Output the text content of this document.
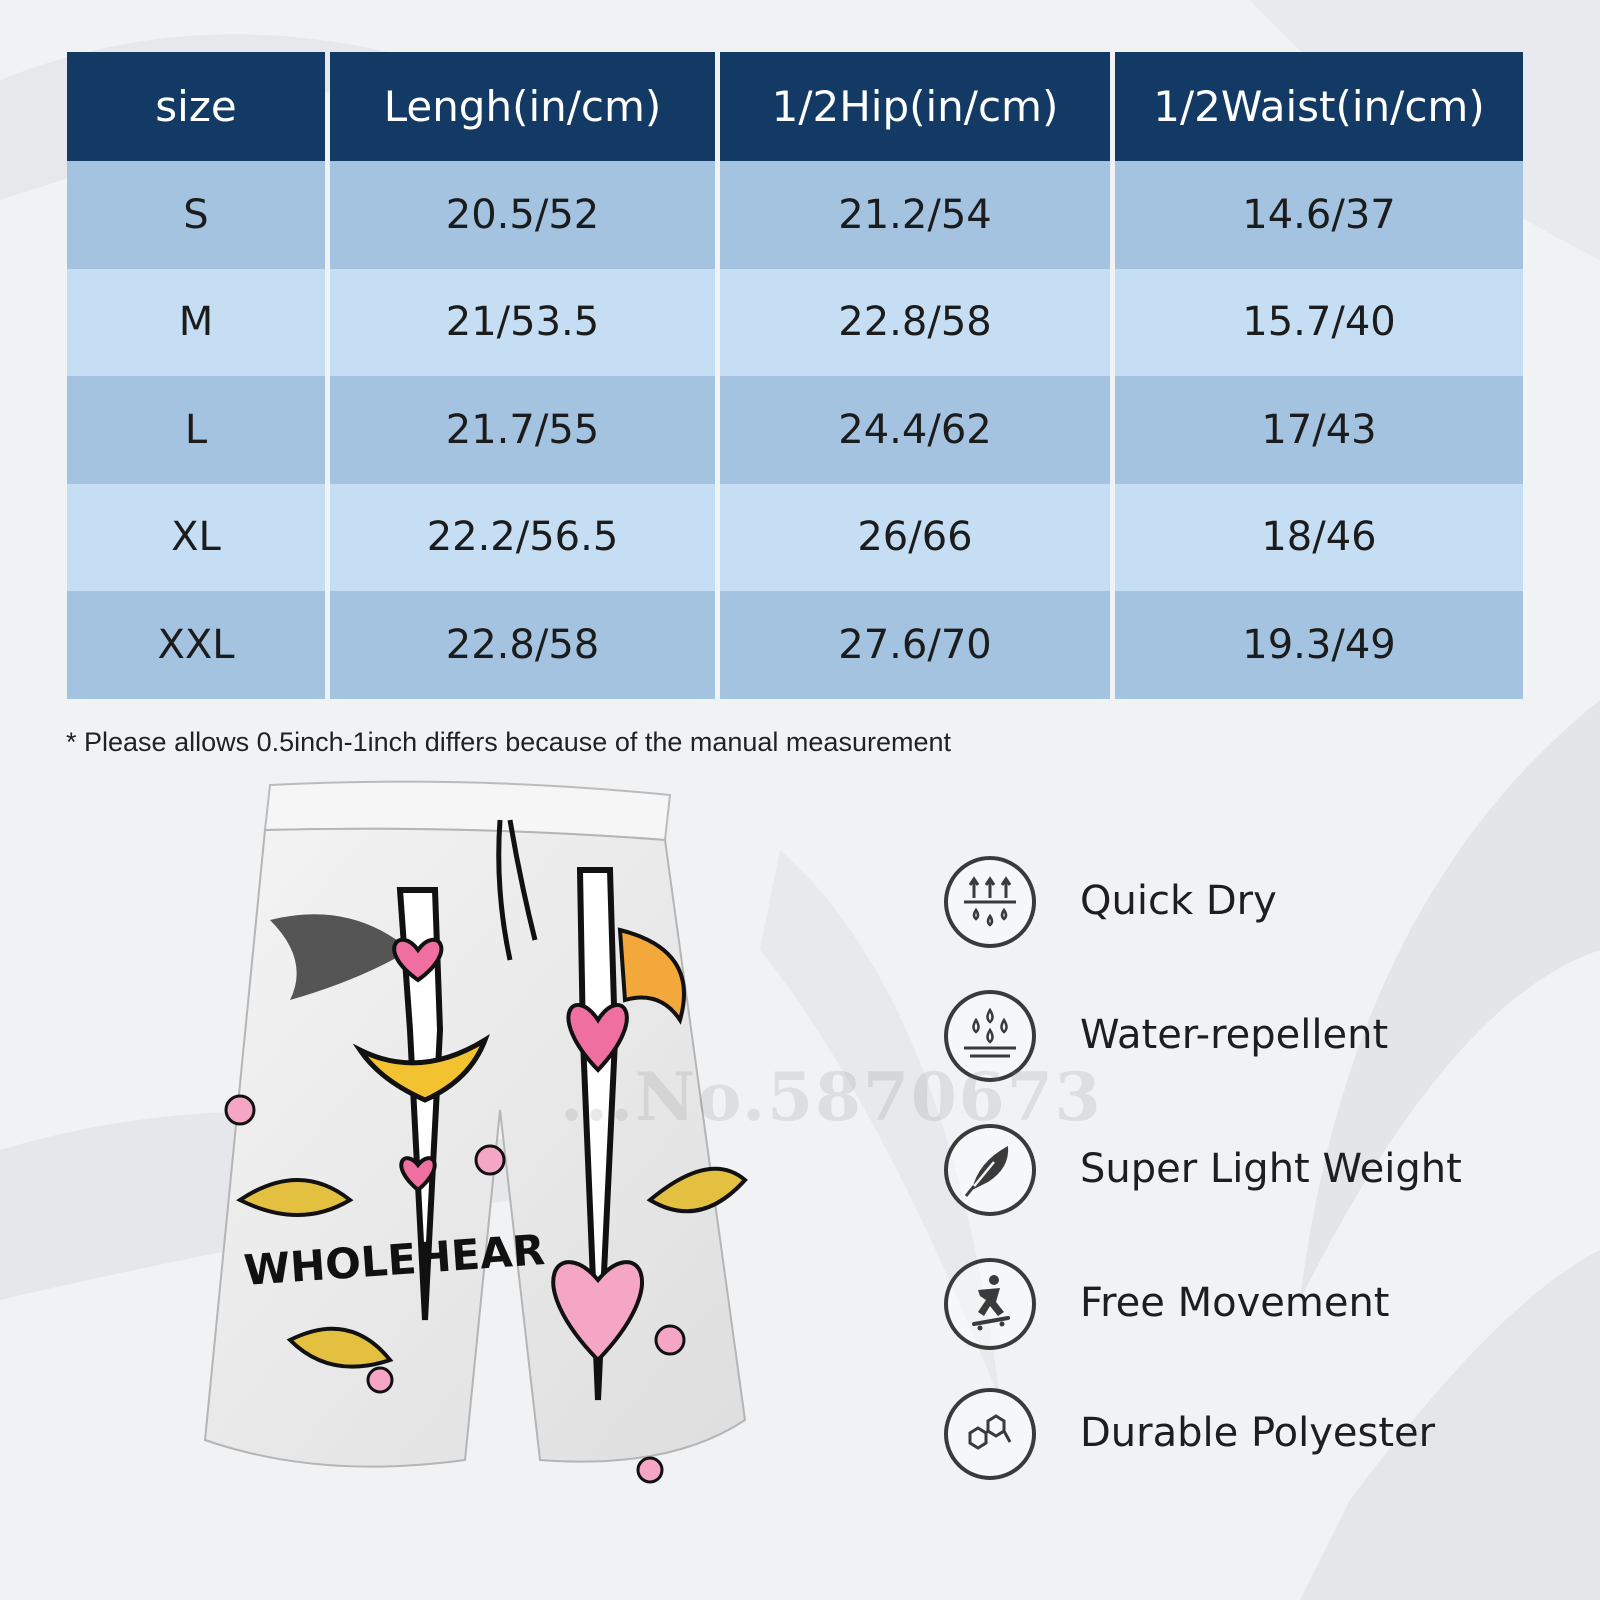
size	Lengh(in/cm)	1/2Hip(in/cm)	1/2Waist(in/cm)
S	20.5/52	21.2/54	14.6/37
M	21/53.5	22.8/58	15.7/40
L	21.7/55	24.4/62	17/43
XL	22.2/56.5	26/66	18/46
XXL	22.8/58	27.6/70	19.3/49
* Please allows 0.5inch-1inch differs because of the manual measurement
WHOLEHEAR
...No.5870673
Quick Dry
Water-repellent
Super Light Weight
Free Movement
Durable Polyester
